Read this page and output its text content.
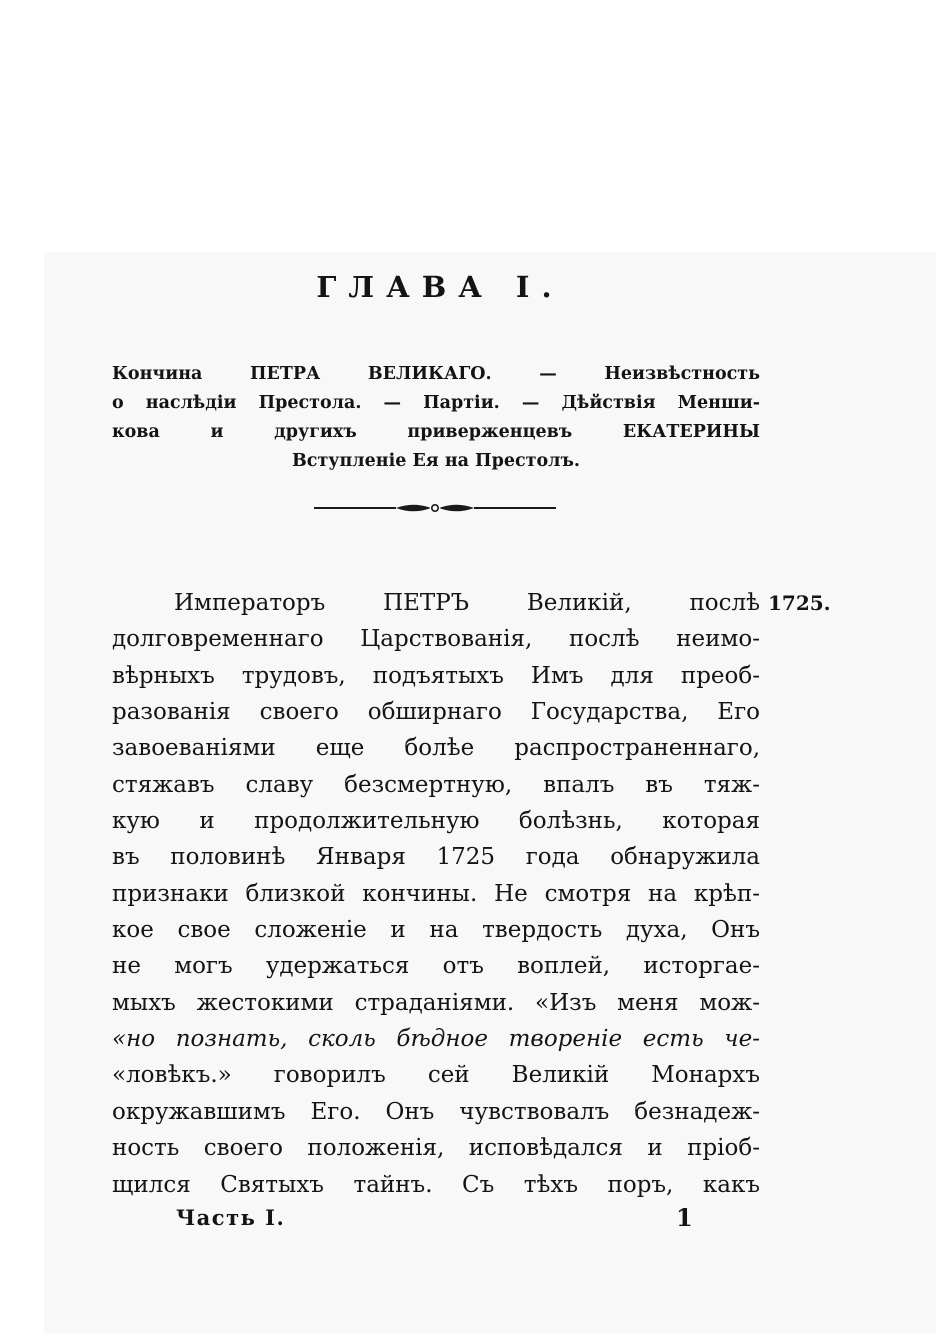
ГЛАВА I.
Кончина ПЕТРА ВЕЛИКАГО. — Неизвѣстность
о наслѣдіи Престола. — Партіи. — Дѣйствія Менши-
кова и другихъ приверженцевъ ЕКАТЕРИНЫ
Вступленіе Ея на Престолъ.
1725.
Императоръ ПЕТРЪ Великій, послѣ
долговременнаго Царствованія, послѣ неимо-
вѣрныхъ трудовъ, подъятыхъ Имъ для преоб-
разованія своего обширнаго Государства, Его
завоеваніями еще болѣе распространеннаго,
стяжавъ славу безсмертную, впалъ въ тяж-
кую и продолжительную болѣзнь, которая
въ половинѣ Января 1725 года обнаружила
признаки близкой кончины. Не смотря на крѣп-
кое свое сложеніе и на твердость духа, Онъ
не могъ удержаться отъ воплей, исторгае-
мыхъ жестокими страданіями. «Изъ меня мож-
«но познать, сколь бѣдное твореніе есть че-
«ловѣкъ.» говорилъ сей Великій Монархъ
окружавшимъ Его. Онъ чувствовалъ безнадеж-
ность своего положенія, исповѣдался и пріоб-
щился Святыхъ тайнъ. Съ тѣхъ поръ, какъ
Часть I.	1
